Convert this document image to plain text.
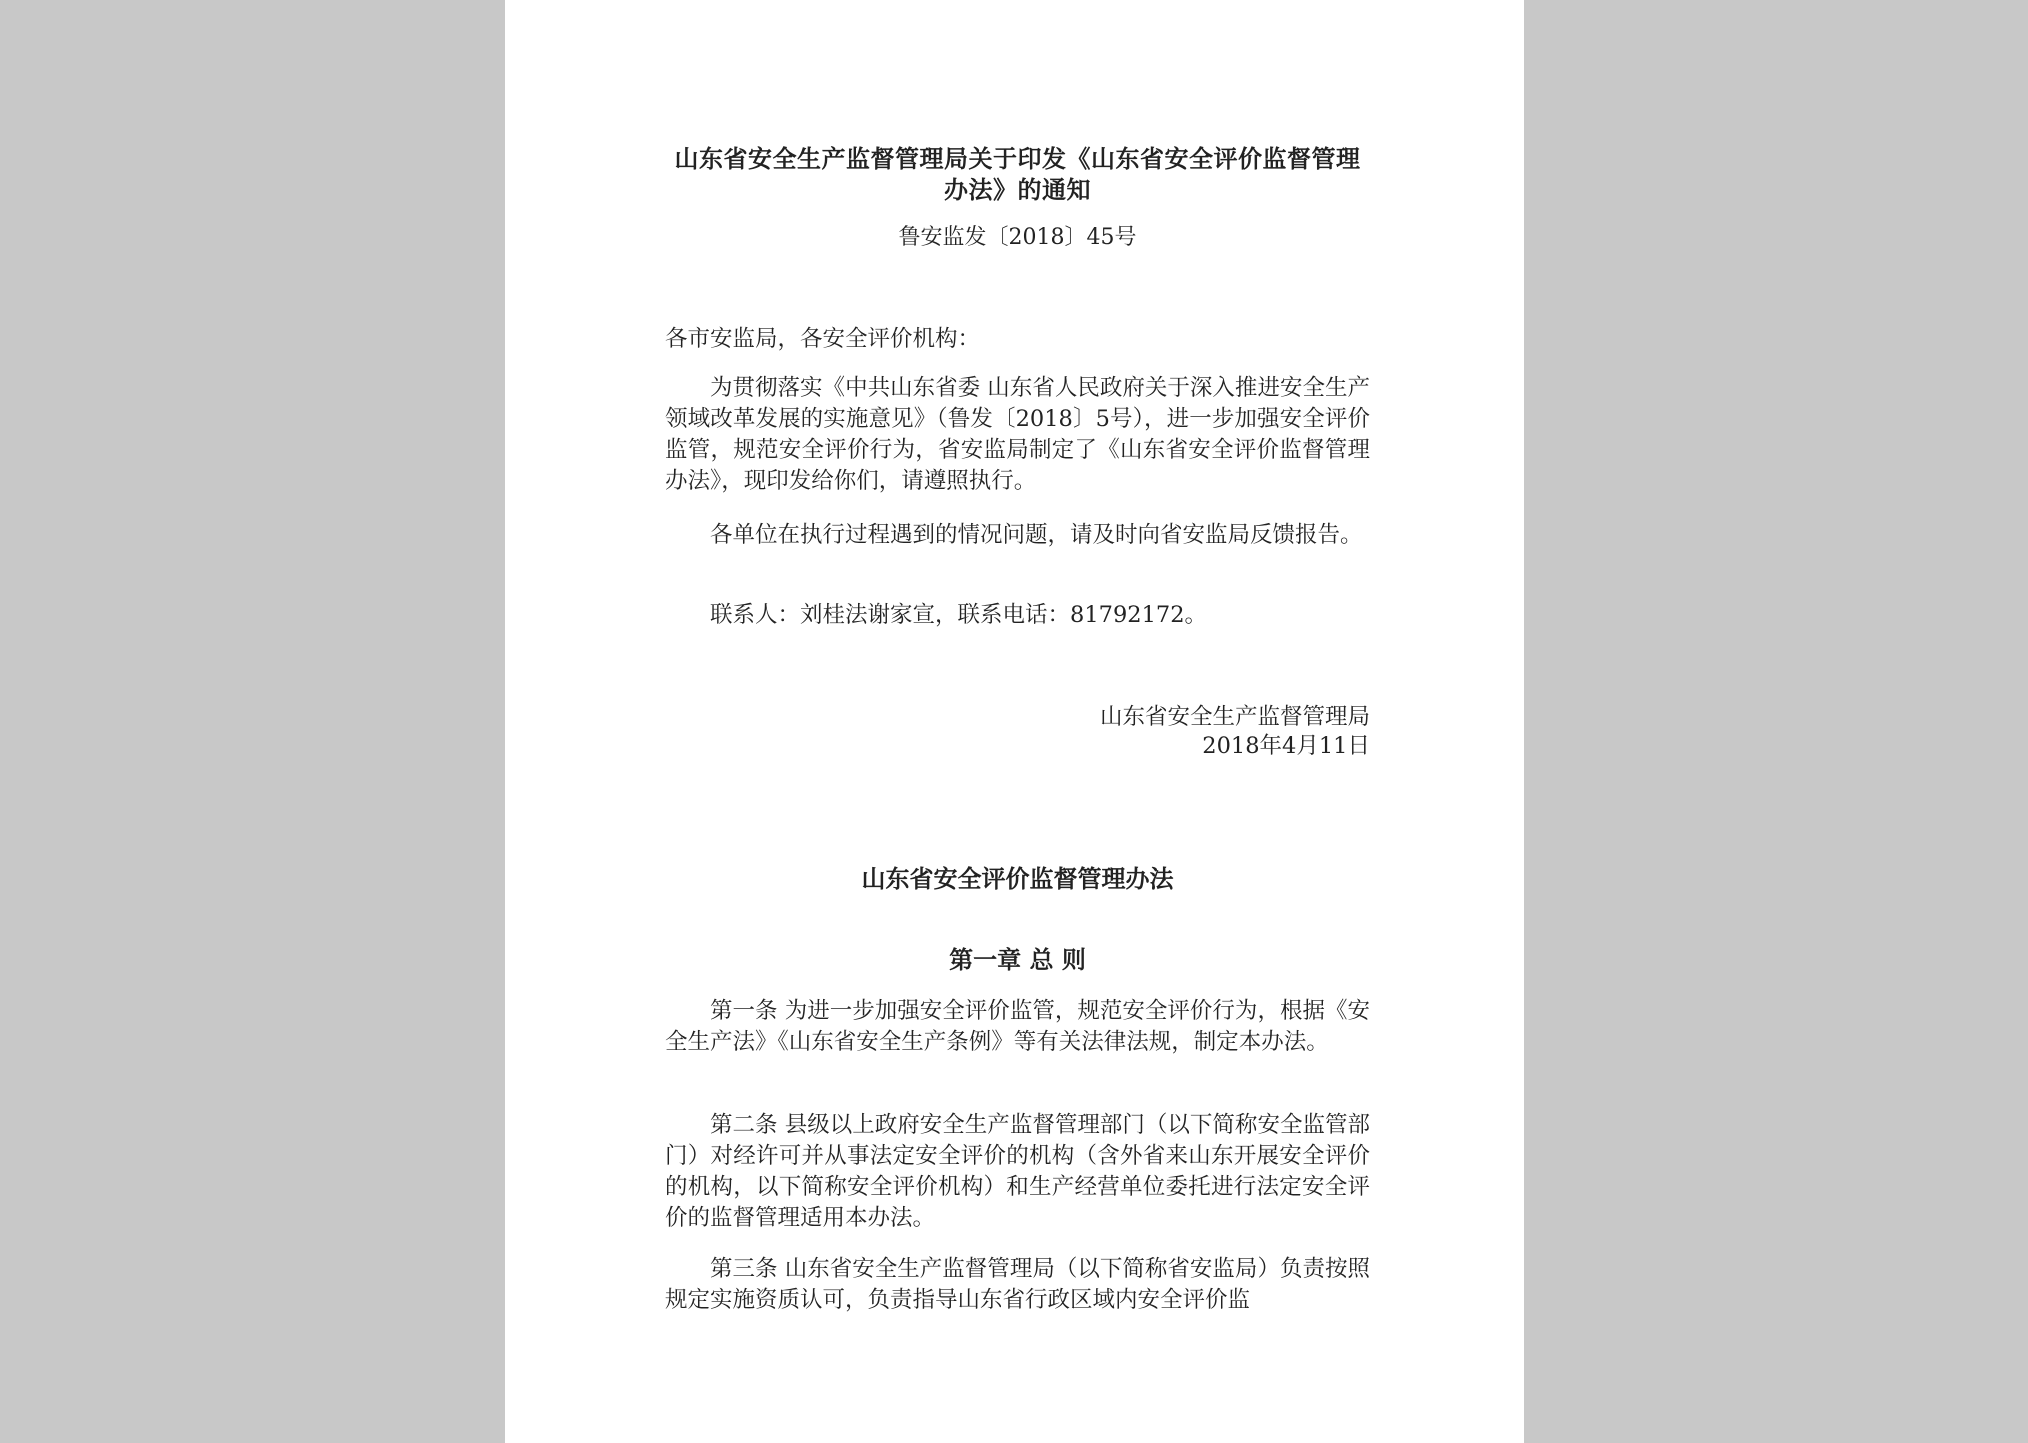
山东省安全生产监督管理局关于印发《山东省安全评价监督管理办法》的通知
鲁安监发〔2018〕45号
各市安监局，各安全评价机构：
为贯彻落实《中共山东省委 山东省人民政府关于深入推进安全生产领域改革发展的实施意见》（鲁发〔2018〕5号），进一步加强安全评价监管，规范安全评价行为，省安监局制定了《山东省安全评价监督管理办法》，现印发给你们，请遵照执行。
各单位在执行过程遇到的情况问题，请及时向省安监局反馈报告。
联系人：刘桂法谢家宣，联系电话：81792172。
山东省安全生产监督管理局
2018年4月11日
山东省安全评价监督管理办法
第一章 总 则
第一条 为进一步加强安全评价监管，规范安全评价行为，根据《安全生产法》《山东省安全生产条例》等有关法律法规，制定本办法。
第二条 县级以上政府安全生产监督管理部门（以下简称安全监管部门）对经许可并从事法定安全评价的机构（含外省来山东开展安全评价的机构，以下简称安全评价机构）和生产经营单位委托进行法定安全评价的监督管理适用本办法。
第三条 山东省安全生产监督管理局（以下简称省安监局）负责按照规定实施资质认可，负责指导山东省行政区域内安全评价监
